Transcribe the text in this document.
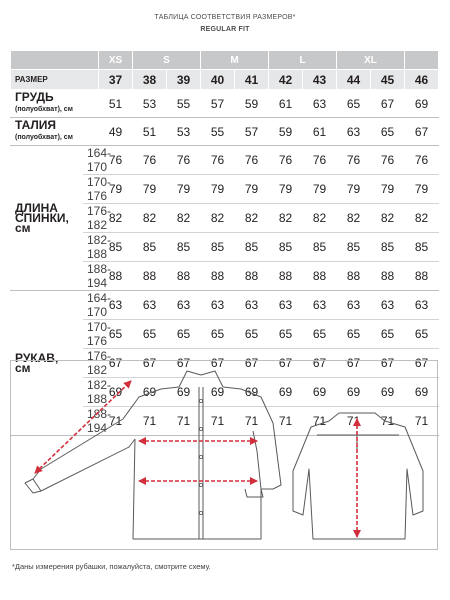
ТАБЛИЦА СООТВЕТСТВИЯ РАЗМЕРОВ*
REGULAR FIT
		XS	S		M		L		XL		
РАЗМЕР		37	38	39	40	41	42	43	44	45	46
ГРУДЬ
(полуобхват), см		51	53	55	57	59	61	63	65	67	69
ТАЛИЯ
(полуобхват), см		49	51	53	55	57	59	61	63	65	67
ДЛИНА
СПИНКИ,
см	164-170	76	76	76	76	76	76	76	76	76	76
	170-176	79	79	79	79	79	79	79	79	79	79
	176-182	82	82	82	82	82	82	82	82	82	82
	182-188	85	85	85	85	85	85	85	85	85	85
	188-194	88	88	88	88	88	88	88	88	88	88
РУКАВ,
см	164-170	63	63	63	63	63	63	63	63	63	63
	170-176	65	65	65	65	65	65	65	65	65	65
	176-182	67	67	67	67	67	67	67	67	67	67
	182-188	69	69	69	69	69	69	69	69	69	69
	188-194	71	71	71	71	71	71	71	71	71	71
*Даны измерения рубашки, пожалуйста, смотрите схему.
